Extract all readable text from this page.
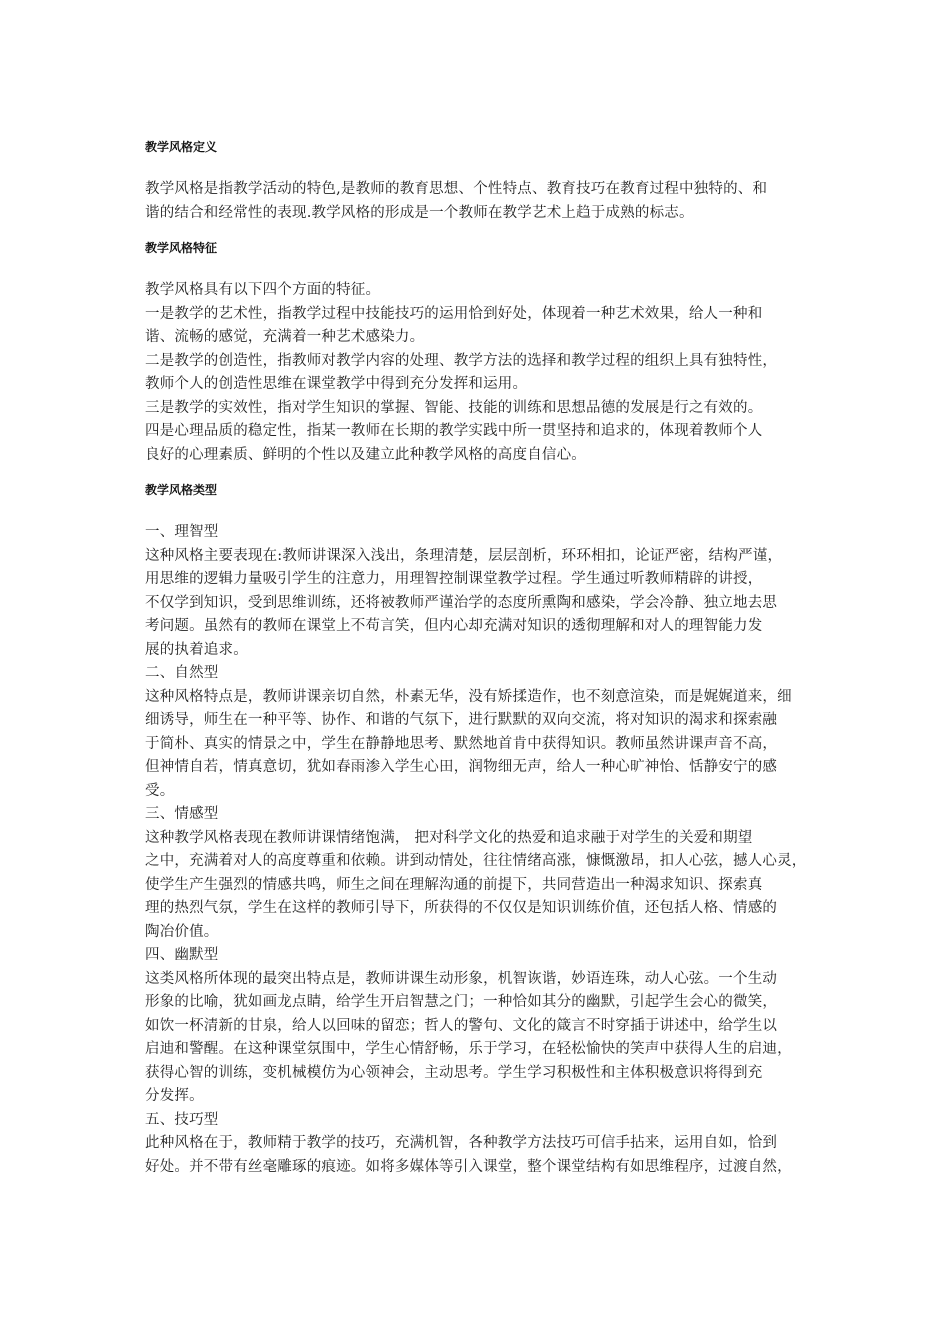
教学风格定义

教学风格是指教学活动的特色,是教师的教育思想、个性特点、教育技巧在教育过程中独特的、和
谐的结合和经常性的表现.教学风格的形成是一个教师在教学艺术上趋于成熟的标志。

教学风格特征

教学风格具有以下四个方面的特征。
一是教学的艺术性，指教学过程中技能技巧的运用恰到好处，体现着一种艺术效果，给人一种和
谐、流畅的感觉，充满着一种艺术感染力。
二是教学的创造性，指教师对教学内容的处理、教学方法的选择和教学过程的组织上具有独特性，
教师个人的创造性思维在课堂教学中得到充分发挥和运用。
三是教学的实效性，指对学生知识的掌握、智能、技能的训练和思想品德的发展是行之有效的。
四是心理品质的稳定性，指某一教师在长期的教学实践中所一贯坚持和追求的，体现着教师个人
良好的心理素质、鲜明的个性以及建立此种教学风格的高度自信心。

教学风格类型

一、理智型
这种风格主要表现在:教师讲课深入浅出，条理清楚，层层剖析，环环相扣，论证严密，结构严谨，
用思维的逻辑力量吸引学生的注意力，用理智控制课堂教学过程。学生通过听教师精辟的讲授，
不仅学到知识，受到思维训练，还将被教师严谨治学的态度所熏陶和感染，学会冷静、独立地去思
考问题。虽然有的教师在课堂上不苟言笑，但内心却充满对知识的透彻理解和对人的理智能力发
展的执着追求。
二、自然型
这种风格特点是，教师讲课亲切自然，朴素无华，没有矫揉造作，也不刻意渲染，而是娓娓道来，细
细诱导，师生在一种平等、协作、和谐的气氛下，进行默默的双向交流，将对知识的渴求和探索融
于简朴、真实的情景之中，学生在静静地思考、默然地首肯中获得知识。教师虽然讲课声音不高，
但神情自若，情真意切，犹如春雨渗入学生心田，润物细无声，给人一种心旷神怡、恬静安宁的感
受。
三、情感型
这种教学风格表现在教师讲课情绪饱满， 把对科学文化的热爱和追求融于对学生的关爱和期望
之中，充满着对人的高度尊重和依赖。讲到动情处，往往情绪高涨，慷慨激昂，扣人心弦，撼人心灵，
使学生产生强烈的情感共鸣，师生之间在理解沟通的前提下，共同营造出一种渴求知识、探索真
理的热烈气氛，学生在这样的教师引导下，所获得的不仅仅是知识训练价值，还包括人格、情感的
陶冶价值。
四、幽默型
这类风格所体现的最突出特点是，教师讲课生动形象，机智诙谐，妙语连珠，动人心弦。一个生动
形象的比喻，犹如画龙点睛，给学生开启智慧之门；一种恰如其分的幽默，引起学生会心的微笑，
如饮一杯清新的甘泉，给人以回味的留恋；哲人的警句、文化的箴言不时穿插于讲述中，给学生以
启迪和警醒。在这种课堂氛围中，学生心情舒畅，乐于学习，在轻松愉快的笑声中获得人生的启迪，
获得心智的训练，变机械模仿为心领神会，主动思考。学生学习积极性和主体积极意识将得到充
分发挥。
五、技巧型
此种风格在于，教师精于教学的技巧，充满机智，各种教学方法技巧可信手拈来，运用自如，恰到
好处。并不带有丝毫雕琢的痕迹。如将多媒体等引入课堂，整个课堂结构有如思维程序，过渡自然，
